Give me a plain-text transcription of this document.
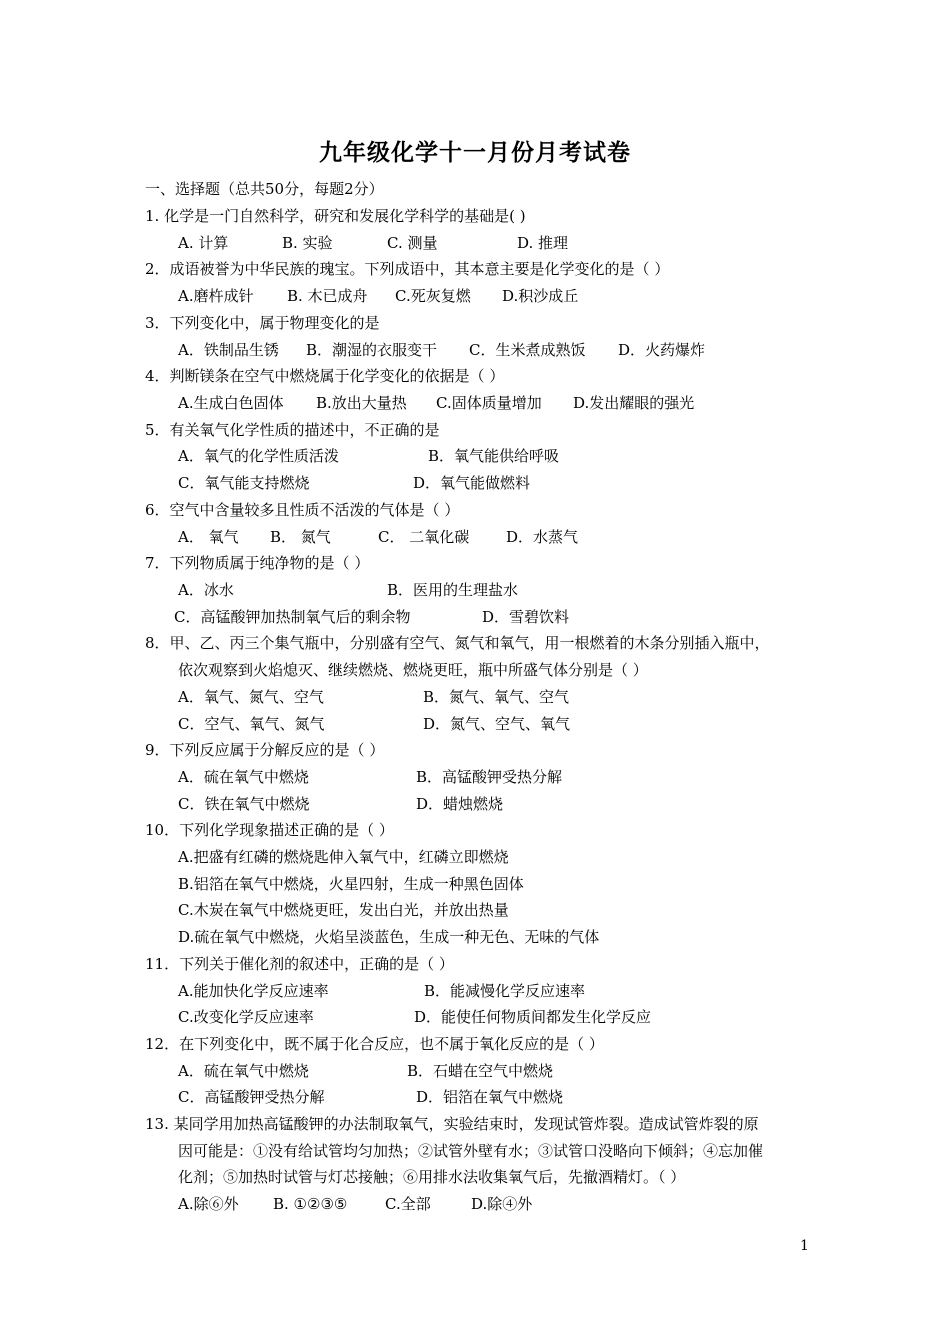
九年级化学十一月份月考试卷
一、选择题（总共50分，每题2分）
1. 化学是一门自然科学，研究和发展化学科学的基础是( )
A. 计算	B. 实验	C. 测量	D. 推理
2．成语被誉为中华民族的瑰宝。下列成语中，其本意主要是化学变化的是（ ）
A.磨杵成针 B. 木已成舟 C.死灰复燃 D.积沙成丘
3．下列变化中，属于物理变化的是
A．铁制品生锈 B．潮湿的衣服变干 C．生米煮成熟饭 D．火药爆炸
4．判断镁条在空气中燃烧属于化学变化的依据是（ ）
A.生成白色固体 B.放出大量热 C.固体质量增加 D.发出耀眼的强光
5．有关氧气化学性质的描述中，不正确的是
A．氧气的化学性质活泼	B．氧气能供给呼吸
C．氧气能支持燃烧	D．氧气能做燃料
6．空气中含量较多且性质不活泼的气体是（ ）
A． 氧气 B． 氮气	C． 二氧化碳 D．水蒸气
7．下列物质属于纯净物的是（ ）
A．冰水	B．医用的生理盐水
C．高锰酸钾加热制氧气后的剩余物	D．雪碧饮料
8．甲、乙、丙三个集气瓶中，分别盛有空气、氮气和氧气，用一根燃着的木条分别插入瓶中，
依次观察到火焰熄灭、继续燃烧、燃烧更旺，瓶中所盛气体分别是（ ）
A．氧气、氮气、空气	B．氮气、氧气、空气
C．空气、氧气、氮气	D．氮气、空气、氧气
9．下列反应属于分解反应的是（ ）
A．硫在氧气中燃烧	B．高锰酸钾受热分解
C．铁在氧气中燃烧	D．蜡烛燃烧
10．下列化学现象描述正确的是（ ）
A.把盛有红磷的燃烧匙伸入氧气中，红磷立即燃烧
B.铝箔在氧气中燃烧，火星四射，生成一种黑色固体
C.木炭在氧气中燃烧更旺，发出白光，并放出热量
D.硫在氧气中燃烧，火焰呈淡蓝色，生成一种无色、无味的气体
11．下列关于催化剂的叙述中，正确的是（ ）
A.能加快化学反应速率	B．能减慢化学反应速率
C.改变化学反应速率	D．能使任何物质间都发生化学反应
12．在下列变化中，既不属于化合反应，也不属于氧化反应的是（ ）
A．硫在氧气中燃烧	B．石蜡在空气中燃烧
C．高锰酸钾受热分解	D．铝箔在氧气中燃烧
13. 某同学用加热高锰酸钾的办法制取氧气，实验结束时，发现试管炸裂。造成试管炸裂的原
因可能是：①没有给试管均匀加热；②试管外壁有水；③试管口没略向下倾斜；④忘加催
化剂；⑤加热时试管与灯芯接触；⑥用排水法收集氧气后，先撤酒精灯。（ ）
A.除⑥外 B. ①②③⑤	C.全部	D.除④外
1
